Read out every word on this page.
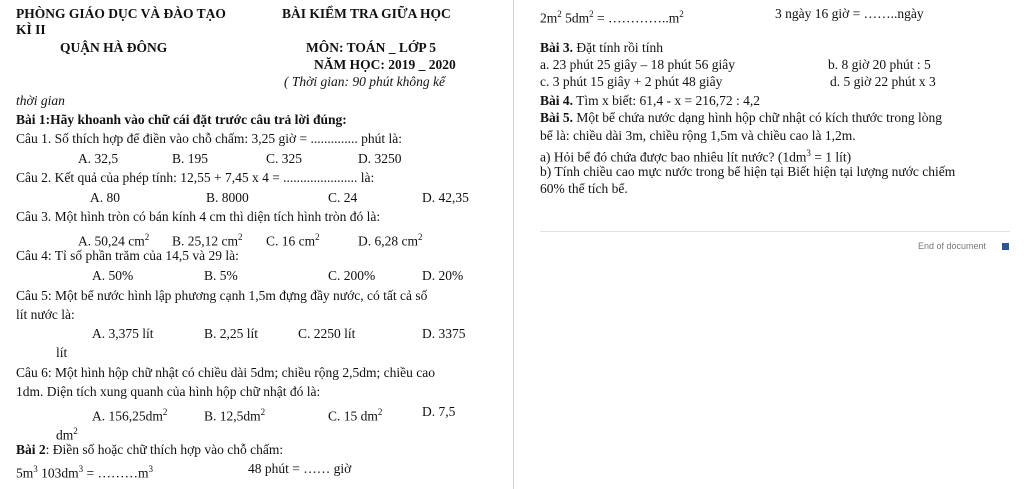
PHÒNG GIÁO DỤC VÀ ĐÀO TẠO	BÀI KIỂM TRA GIỮA HỌC
KÌ II
QUẬN HÀ ĐÔNG	MÔN: TOÁN _ LỚP 5
NĂM HỌC: 2019 _ 2020
( Thời gian: 90 phút không kể
thời gian
Bài 1:Hãy khoanh vào chữ cái đặt trước câu trả lời đúng:
Câu 1. Số thích hợp để điền vào chỗ chấm: 3,25 giờ = .............. phút là:
A. 32,5	B. 195	C. 325	D. 3250
Câu 2. Kết quả của phép tính: 12,55 + 7,45 x 4 = ...................... là:
A. 80	B. 8000	C. 24	D. 42,35
Câu 3. Một hình tròn có bán kính 4 cm thì diện tích hình tròn đó là:
A. 50,24 $cm^2$ B. 25,12 $cm^2$ C. 16 $cm^2$	D. 6,28 $cm^2$
Câu 4: Tỉ số phần trăm của 14,5 và 29 là:
A. 50%	B. 5%	C. 200%	D. 20%
Câu 5: Một bể nước hình lập phương cạnh 1,5m đựng đầy nước, có tất cả số
lít nước là:
A. 3,375 lít	B. 2,25 lít	C. 2250 lít	D. 3375
lít
Câu 6: Một hình hộp chữ nhật có chiều dài 5dm; chiều rộng 2,5dm; chiều cao
1dm. Diện tích xung quanh của hình hộp chữ nhật đó là:
A. $156,25dm^2$	B. $12,5dm^2$	C. 15 $dm^2$	D. 7,5
$dm^2$
Bài 2: Điền số hoặc chữ thích hợp vào chỗ chấm:
$5m^3$ $103dm^3$ = $\dots\dots\dots m^3$	48 phút = …… giờ
$2m^2$ $5dm^2$ = $\dots\dots\dots\dots..m^2$	3 ngày 16 giờ = ……..ngày
Bài 3. Đặt tính rồi tính
a. 23 phút 25 giây – 18 phút 56 giây	b. 8 giờ 20 phút : 5
c. 3 phút 15 giây + 2 phút 48 giây	d. 5 giờ 22 phút x 3
Bài 4. Tìm x biết: 61,4 - x = 216,72 : 4,2
Bài 5. Một bể chứa nước dạng hình hộp chữ nhật có kích thước trong lòng
bể là: chiều dài 3m, chiều rộng 1,5m và chiều cao là 1,2m.
a) Hỏi bể đó chứa được bao nhiêu lít nước? ($1dm^3 = 1$ lít)
b) Tính chiều cao mực nước trong bể hiện tại Biết hiện tại lượng nước chiếm
60% thể tích bể.
End of document
